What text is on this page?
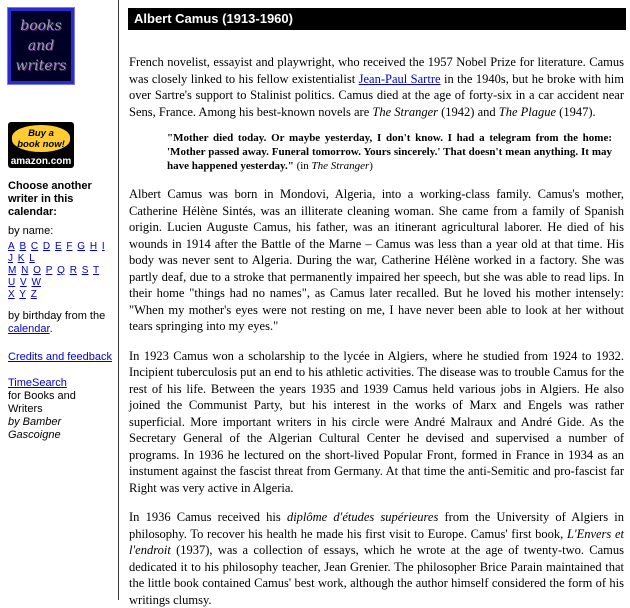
books
and
writers
Buy a
book now!
amazon.com
Choose another writer in this calendar:
by name:
A B C D E F G H I J K L
M N O P Q R S T U V W
X Y Z
by birthday from the calendar.
Credits and feedback
TimeSearch
for Books and Writers
by Bamber Gascoigne
Albert Camus (1913-1960)

French novelist, essayist and playwright, who received the 1957 Nobel Prize for literature. Camus was closely linked to his fellow existentialist Jean-Paul Sartre in the 1940s, but he broke with him over Sartre's support to Stalinist politics. Camus died at the age of forty-six in a car accident near Sens, France. Among his best-known novels are The Stranger (1942) and The Plague (1947).

"Mother died today. Or maybe yesterday, I don't know. I had a telegram from the home: 'Mother passed away. Funeral tomorrow. Yours sincerely.' That doesn't mean anything. It may have happened yesterday." (in The Stranger)

Albert Camus was born in Mondovi, Algeria, into a working-class family. Camus's mother, Catherine Hélène Sintés, was an illiterate cleaning woman. She came from a family of Spanish origin. Lucien Auguste Camus, his father, was an itinerant agricultural laborer. He died of his wounds in 1914 after the Battle of the Marne – Camus was less than a year old at that time. His body was never sent to Algeria. During the war, Catherine Hélène worked in a factory. She was partly deaf, due to a stroke that permanently impaired her speech, but she was able to read lips. In their home "things had no names", as Camus later recalled. But he loved his mother intensely: "When my mother's eyes were not resting on me, I have never been able to look at her without tears springing into my eyes."

In 1923 Camus won a scholarship to the lycée in Algiers, where he studied from 1924 to 1932. Incipient tuberculosis put an end to his athletic activities. The disease was to trouble Camus for the rest of his life. Between the years 1935 and 1939 Camus held various jobs in Algiers. He also joined the Communist Party, but his interest in the works of Marx and Engels was rather superficial. More important writers in his circle were André Malraux and André Gide. As the Secretary General of the Algerian Cultural Center he devised and supervised a number of programs. In 1936 he lectured on the short-lived Popular Front, formed in France in 1934 as an instument against the fascist threat from Germany. At that time the anti-Semitic and pro-fascist far Right was very active in Algeria.

In 1936 Camus received his diplôme d'études supérieures from the University of Algiers in philosophy. To recover his health he made his first visit to Europe. Camus' first book, L'Envers et l'endroit (1937), was a collection of essays, which he wrote at the age of twenty-two. Camus dedicated it to his philosophy teacher, Jean Grenier. The philosopher Brice Parain maintained that the little book contained Camus' best work, although the author himself considered the form of his writings clumsy.
